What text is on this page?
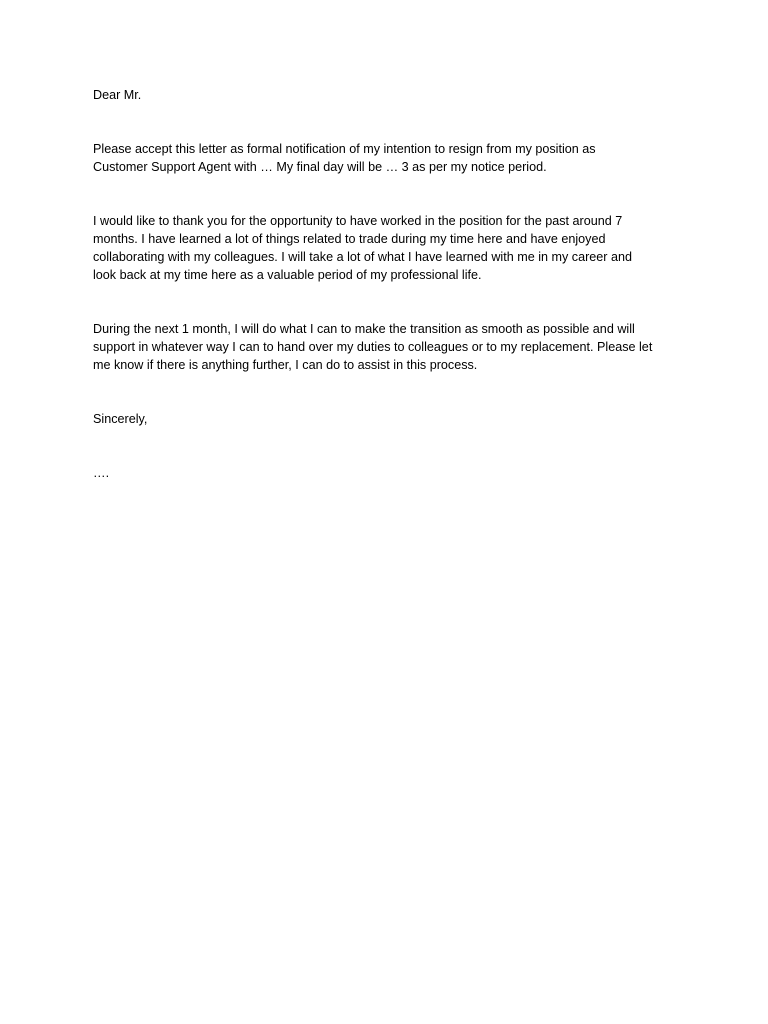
Dear Mr.

Please accept this letter as formal notification of my intention to resign from my position as
Customer Support Agent with … My final day will be … 3 as per my notice period.

I would like to thank you for the opportunity to have worked in the position for the past around 7
months. I have learned a lot of things related to trade during my time here and have enjoyed
collaborating with my colleagues. I will take a lot of what I have learned with me in my career and
look back at my time here as a valuable period of my professional life.

During the next 1 month, I will do what I can to make the transition as smooth as possible and will
support in whatever way I can to hand over my duties to colleagues or to my replacement. Please let
me know if there is anything further, I can do to assist in this process.

Sincerely,

….
